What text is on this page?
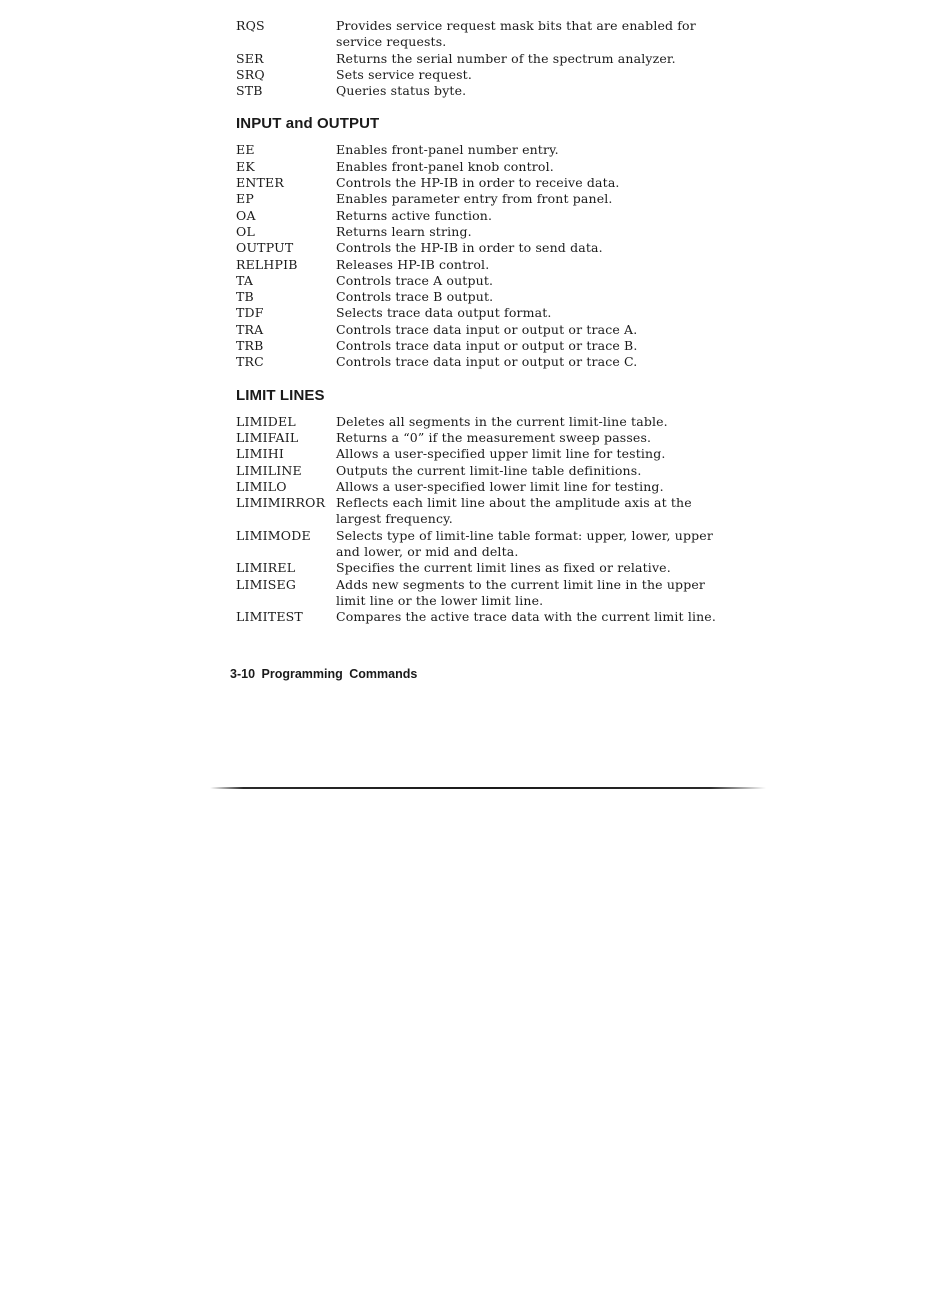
RQS	Provides service request mask bits that are enabled for service requests.
SER	Returns the serial number of the spectrum analyzer.
SRQ	Sets service request.
STB	Queries status byte.
INPUT and OUTPUT
EE	Enables front-panel number entry.
EK	Enables front-panel knob control.
ENTER	Controls the HP-IB in order to receive data.
EP	Enables parameter entry from front panel.
OA	Returns active function.
OL	Returns learn string.
OUTPUT	Controls the HP-IB in order to send data.
RELHPIB	Releases HP-IB control.
TA	Controls trace A output.
TB	Controls trace B output.
TDF	Selects trace data output format.
TRA	Controls trace data input or output or trace A.
TRB	Controls trace data input or output or trace B.
TRC	Controls trace data input or output or trace C.
LIMIT LINES
LIMIDEL	Deletes all segments in the current limit-line table.
LIMIFAIL	Returns a “0” if the measurement sweep passes.
LIMIHI	Allows a user-specified upper limit line for testing.
LIMILINE	Outputs the current limit-line table definitions.
LIMILO	Allows a user-specified lower limit line for testing.
LIMIMIRROR Reflects each limit line about the amplitude axis at the largest frequency.
LIMIMODE	Selects type of limit-line table format: upper, lower, upper and lower, or mid and delta.
LIMIREL	Specifies the current limit lines as fixed or relative.
LIMISEG	Adds new segments to the current limit line in the upper limit line or the lower limit line.
LIMITEST	Compares the active trace data with the current limit line.
3-10 Programming Commands
